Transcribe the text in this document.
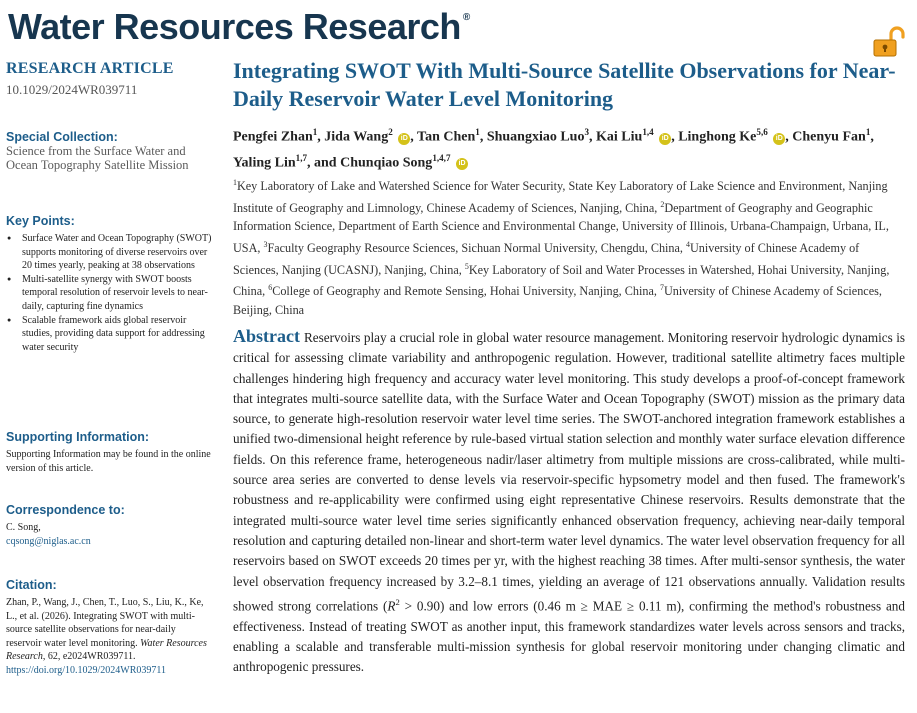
Water Resources Research ®
RESEARCH ARTICLE
10.1029/2024WR039711
Special Collection:
Science from the Surface Water and Ocean Topography Satellite Mission
Key Points:
● Surface Water and Ocean Topography (SWOT) supports monitoring of diverse reservoirs over 20 times yearly, peaking at 38 observations
● Multi-satellite synergy with SWOT boosts temporal resolution of reservoir levels to near-daily, capturing fine dynamics
● Scalable framework aids global reservoir studies, providing data support for addressing water security
Supporting Information:
Supporting Information may be found in the online version of this article.
Correspondence to:
C. Song,
cqsong@niglas.ac.cn
Citation:
Zhan, P., Wang, J., Chen, T., Luo, S., Liu, K., Ke, L., et al. (2026). Integrating SWOT with multi-source satellite observations for near-daily reservoir water level monitoring. Water Resources Research, 62, e2024WR039711. https://doi.org/10.1029/2024WR039711
Integrating SWOT With Multi-Source Satellite Observations for Near-Daily Reservoir Water Level Monitoring
Pengfei Zhan$^1$, Jida Wang$^2$ iD , Tan Chen$^1$, Shuangxiao Luo$^3$, Kai Liu$^{1,4}$ iD , Linghong Ke$^{5,6}$ iD , Chenyu Fan$^1$, Yaling Lin$^{1,7}$, and Chunqiao Song$^{1,4,7}$ iD
$^1$Key Laboratory of Lake and Watershed Science for Water Security, State Key Laboratory of Lake Science and Environment, Nanjing Institute of Geography and Limnology, Chinese Academy of Sciences, Nanjing, China, $^2$Department of Geography and Geographic Information Science, Department of Earth Science and Environmental Change, University of Illinois, Urbana-Champaign, Urbana, IL, USA, $^3$Faculty Geography Resource Sciences, Sichuan Normal University, Chengdu, China, $^4$University of Chinese Academy of Sciences, Nanjing (UCASNJ), Nanjing, China, $^5$Key Laboratory of Soil and Water Processes in Watershed, Hohai University, Nanjing, China, $^6$College of Geography and Remote Sensing, Hohai University, Nanjing, China, $^7$University of Chinese Academy of Sciences, Beijing, China
Abstract Reservoirs play a crucial role in global water resource management. Monitoring reservoir hydrologic dynamics is critical for assessing climate variability and anthropogenic regulation. However, traditional satellite altimetry faces multiple challenges hindering high frequency and accuracy water level monitoring. This study develops a proof-of-concept framework that integrates multi-source satellite data, with the Surface Water and Ocean Topography (SWOT) mission as the primary data source, to generate high-resolution reservoir water level time series. The SWOT-anchored integration framework establishes a unified two-dimensional height reference by rule-based virtual station selection and monthly water surface elevation difference fields. On this reference frame, heterogeneous nadir/laser altimetry from multiple missions are cross-calibrated, while multi-source area series are converted to dense levels via reservoir-specific hypsometry model and then fused. The framework's robustness and re-applicability were confirmed using eight representative Chinese reservoirs. Results demonstrate that the integrated multi-source water level time series significantly enhanced observation frequency, achieving near-daily temporal resolution and capturing detailed non-linear and short-term water level dynamics. The water level observation frequency for all reservoirs based on SWOT exceeds 20 times per yr, with the highest reaching 38 times. After multi-sensor synthesis, the water level observation frequency increased by 3.2–8.1 times, yielding an average of 121 observations annually. Validation results showed strong correlations $(R^2 > 0.90)$ and low errors (0.46 m ≥ MAE ≥ 0.11 m), confirming the method's robustness and effectiveness. Instead of treating SWOT as another input, this framework standardizes water levels across sensors and tracks, enabling a scalable and transferable multi-mission synthesis for global reservoir monitoring under changing climatic and anthropogenic pressures.
